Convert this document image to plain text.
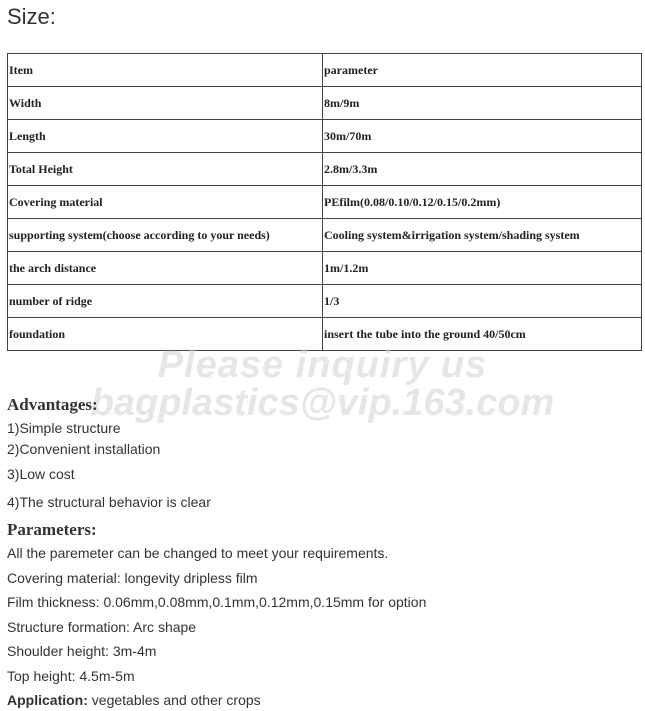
Size:
Item	parameter
Width	8m/9m
Length	30m/70m
Total Height	2.8m/3.3m
Covering material	PEfilm(0.08/0.10/0.12/0.15/0.2mm)
supporting system(choose according to your needs)	Cooling system&irrigation system/shading system
the arch distance	1m/1.2m
number of ridge	1/3
foundation	insert the tube into the ground 40/50cm
Please inquiry us
bagplastics@vip.163.com
Advantages:

1)Simple structure

2)Convenient installation

3)Low cost

4)The structural behavior is clear

Parameters:

All the paremeter can be changed to meet your requirements.

Covering material: longevity dripless film

Film thickness: 0.06mm,0.08mm,0.1mm,0.12mm,0.15mm for option

Structure formation: Arc shape

Shoulder height: 3m-4m

Top height: 4.5m-5m

Application: vegetables and other crops
